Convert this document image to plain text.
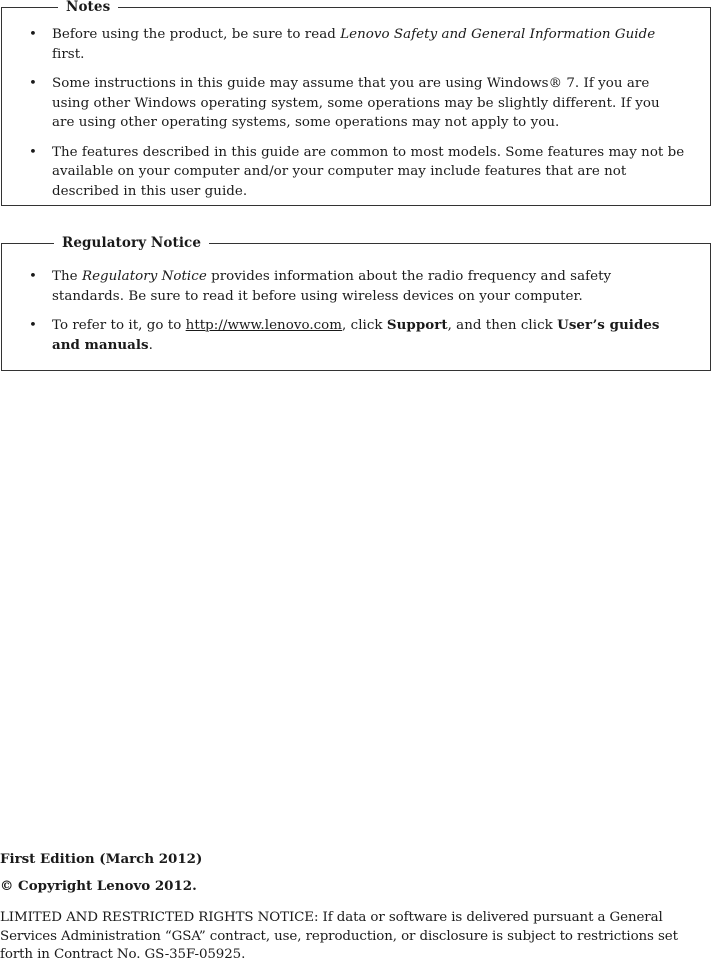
Notes
• Before using the product, be sure to read Lenovo Safety and General Information Guide first.
• Some instructions in this guide may assume that you are using Windows® 7. If you are using other Windows operating system, some operations may be slightly different. If you are using other operating systems, some operations may not apply to you.
• The features described in this guide are common to most models. Some features may not be available on your computer and/or your computer may include features that are not described in this user guide.
Regulatory Notice
• The Regulatory Notice provides information about the radio frequency and safety standards. Be sure to read it before using wireless devices on your computer.
• To refer to it, go to http://www.lenovo.com, click Support, and then click User’s guides and manuals.
First Edition (March 2012)
© Copyright Lenovo 2012.
LIMITED AND RESTRICTED RIGHTS NOTICE: If data or software is delivered pursuant a General Services Administration “GSA” contract, use, reproduction, or disclosure is subject to restrictions set forth in Contract No. GS-35F-05925.
